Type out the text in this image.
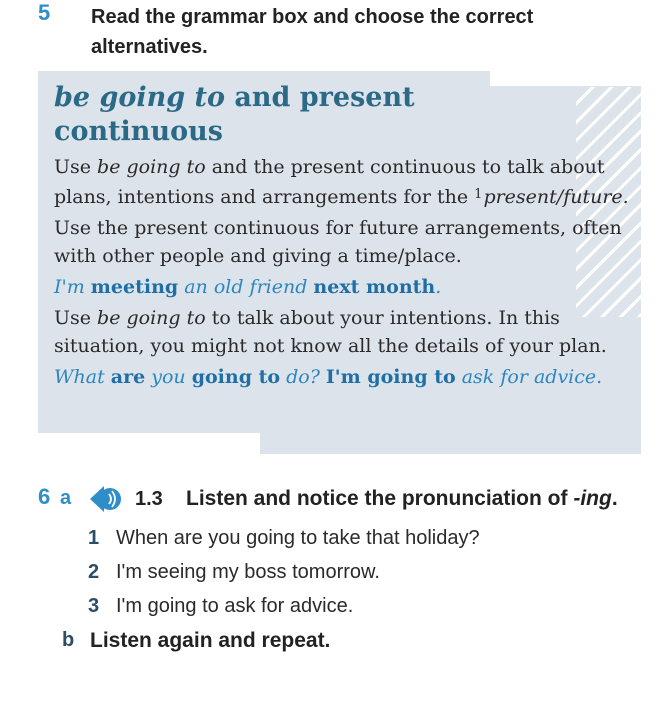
5 Read the grammar box and choose the correct alternatives.
be going to and present continuous

Use be going to and the present continuous to talk about plans, intentions and arrangements for the $^1$present/future.

Use the present continuous for future arrangements, often with other people and giving a time/place.

I'm meeting an old friend next month.

Use be going to to talk about your intentions. In this situation, you might not know all the details of your plan.

What are you going to do? I'm going to ask for advice.

6 a	1.3 Listen and notice the pronunciation of -ing.
1 When are you going to take that holiday?
2 I'm seeing my boss tomorrow.
3 I'm going to ask for advice.
b Listen again and repeat.
